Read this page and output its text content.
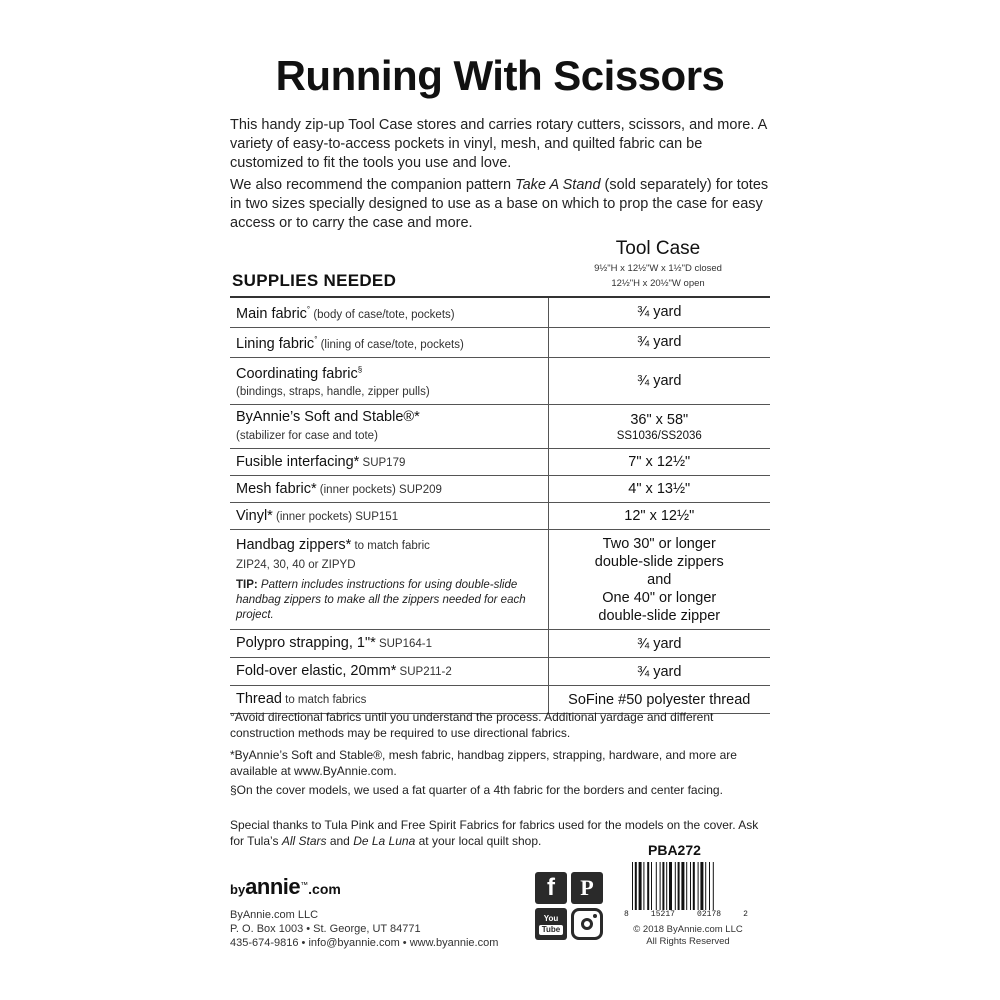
Running With Scissors

This handy zip-up Tool Case stores and carries rotary cutters, scissors, and more. A variety of easy-to-access pockets in vinyl, mesh, and quilted fabric can be customized to fit the tools you use and love.

We also recommend the companion pattern Take A Stand (sold separately) for totes in two sizes specially designed to use as a base on which to prop the case for easy access or to carry the case and more.

Tool Case
9½"H x 12½"W x 1½"D closed
12½"H x 20½"W open
SUPPLIES NEEDED
Main fabric° (body of case/tote, pockets)	¾ yard
Lining fabric° (lining of case/tote, pockets)	¾ yard
Coordinating fabric§
(bindings, straps, handle, zipper pulls)	¾ yard
ByAnnie’s Soft and Stable®*
(stabilizer for case and tote)	36" x 58"
SS1036/SS2036

Fusible interfacing* SUP179	7" x 12½"
Mesh fabric* (inner pockets) SUP209	4" x 13½"
Vinyl* (inner pockets) SUP151	12" x 12½"
Handbag zippers* to match fabric
ZIP24, 30, 40 or ZIPYD
TIP: Pattern includes instructions for using double-slide handbag zippers to make all the zippers needed for each project.	Two 30" or longer
double-slide zippers
and
One 40" or longer
double-slide zipper

Polypro strapping, 1"* SUP164-1	¾ yard
Fold-over elastic, 20mm* SUP211-2	¾ yard
Thread to match fabrics	SoFine #50 polyester thread

°Avoid directional fabrics until you understand the process. Additional yardage and different construction methods may be required to use directional fabrics.

*ByAnnie’s Soft and Stable®, mesh fabric, handbag zippers, strapping, hardware, and more are available at www.ByAnnie.com.

§On the cover models, we used a fat quarter of a 4th fabric for the borders and center facing.

Special thanks to Tula Pink and Free Spirit Fabrics for fabrics used for the models on the cover. Ask for Tula’s All Stars and De La Luna at your local quilt shop.

PBA272
byannie™.com
ByAnnie.com LLC
P. O. Box 1003 • St. George, UT 84771
435-674-9816 • info@byannie.com • www.byannie.com
f	P
You
Tube
8	15217	02178	2
© 2018 ByAnnie.com LLC
All Rights Reserved
